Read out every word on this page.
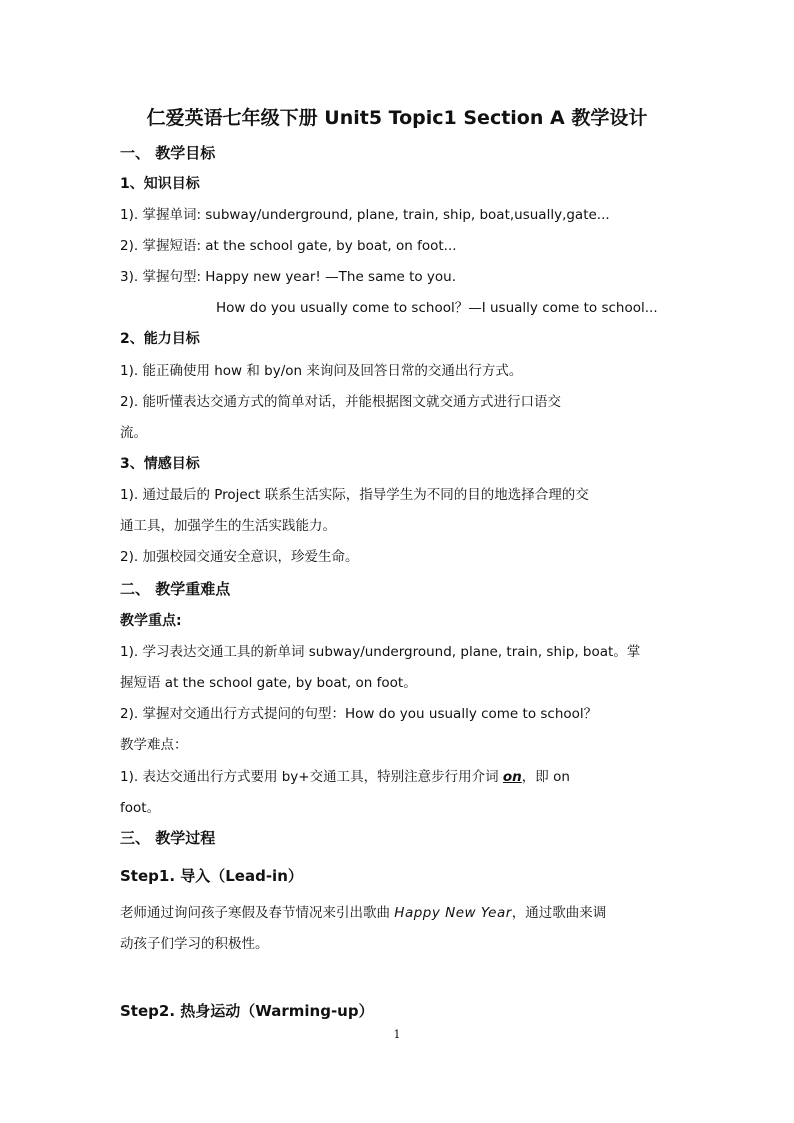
仁爱英语七年级下册 Unit5 Topic1 Section A 教学设计
一、 教学目标
1、知识目标
1). 掌握单词: subway/underground, plane, train, ship, boat,usually,gate...
2). 掌握短语: at the school gate, by boat, on foot...
3). 掌握句型: Happy new year! —The same to you.
How do you usually come to school？—I usually come to school...
2、能力目标
1). 能正确使用 how 和 by/on 来询问及回答日常的交通出行方式。
2). 能听懂表达交通方式的简单对话，并能根据图文就交通方式进行口语交
流。
3、情感目标
1). 通过最后的 Project 联系生活实际，指导学生为不同的目的地选择合理的交
通工具，加强学生的生活实践能力。
2). 加强校园交通安全意识，珍爱生命。
二、 教学重难点
教学重点:
1). 学习表达交通工具的新单词 subway/underground, plane, train, ship, boat。掌
握短语 at the school gate, by boat, on foot。
2). 掌握对交通出行方式提问的句型：How do you usually come to school？
教学难点：
1). 表达交通出行方式要用 by+交通工具，特别注意步行用介词 on，即 on
foot。
三、 教学过程
Step1. 导入（Lead-in）
老师通过询问孩子寒假及春节情况来引出歌曲 Happy New Year，通过歌曲来调
动孩子们学习的积极性。
Step2. 热身运动（Warming-up）
1
